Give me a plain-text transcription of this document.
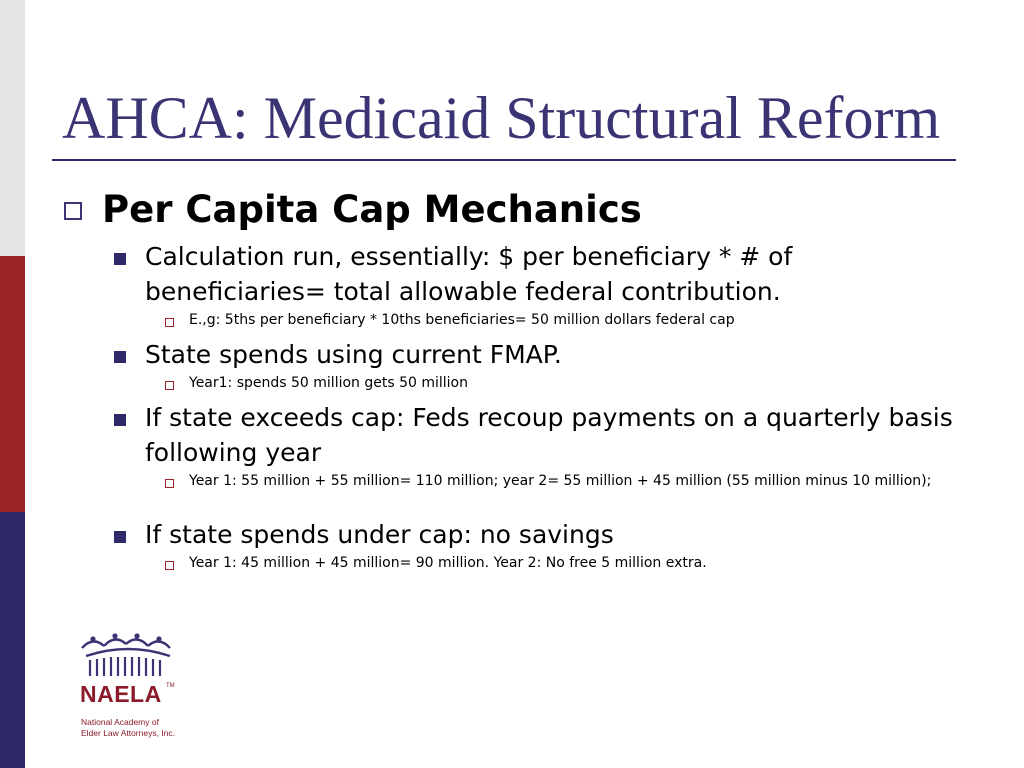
AHCA: Medicaid Structural Reform
Per Capita Cap Mechanics
Calculation run, essentially: $ per beneficiary * # of beneficiaries= total allowable federal contribution.
E.,g: 5ths per beneficiary * 10ths beneficiaries= 50 million dollars federal cap
State spends using current FMAP.
Year1: spends 50 million gets 50 million
If state exceeds cap: Feds recoup payments on a quarterly basis following year
Year 1: 55 million + 55 million= 110 million; year 2= 55 million + 45 million (55 million minus 10 million);
If state spends under cap: no savings
Year 1: 45 million + 45 million= 90 million. Year 2: No free 5 million extra.
NAELA TM
National Academy of
Elder Law Attorneys, Inc.
